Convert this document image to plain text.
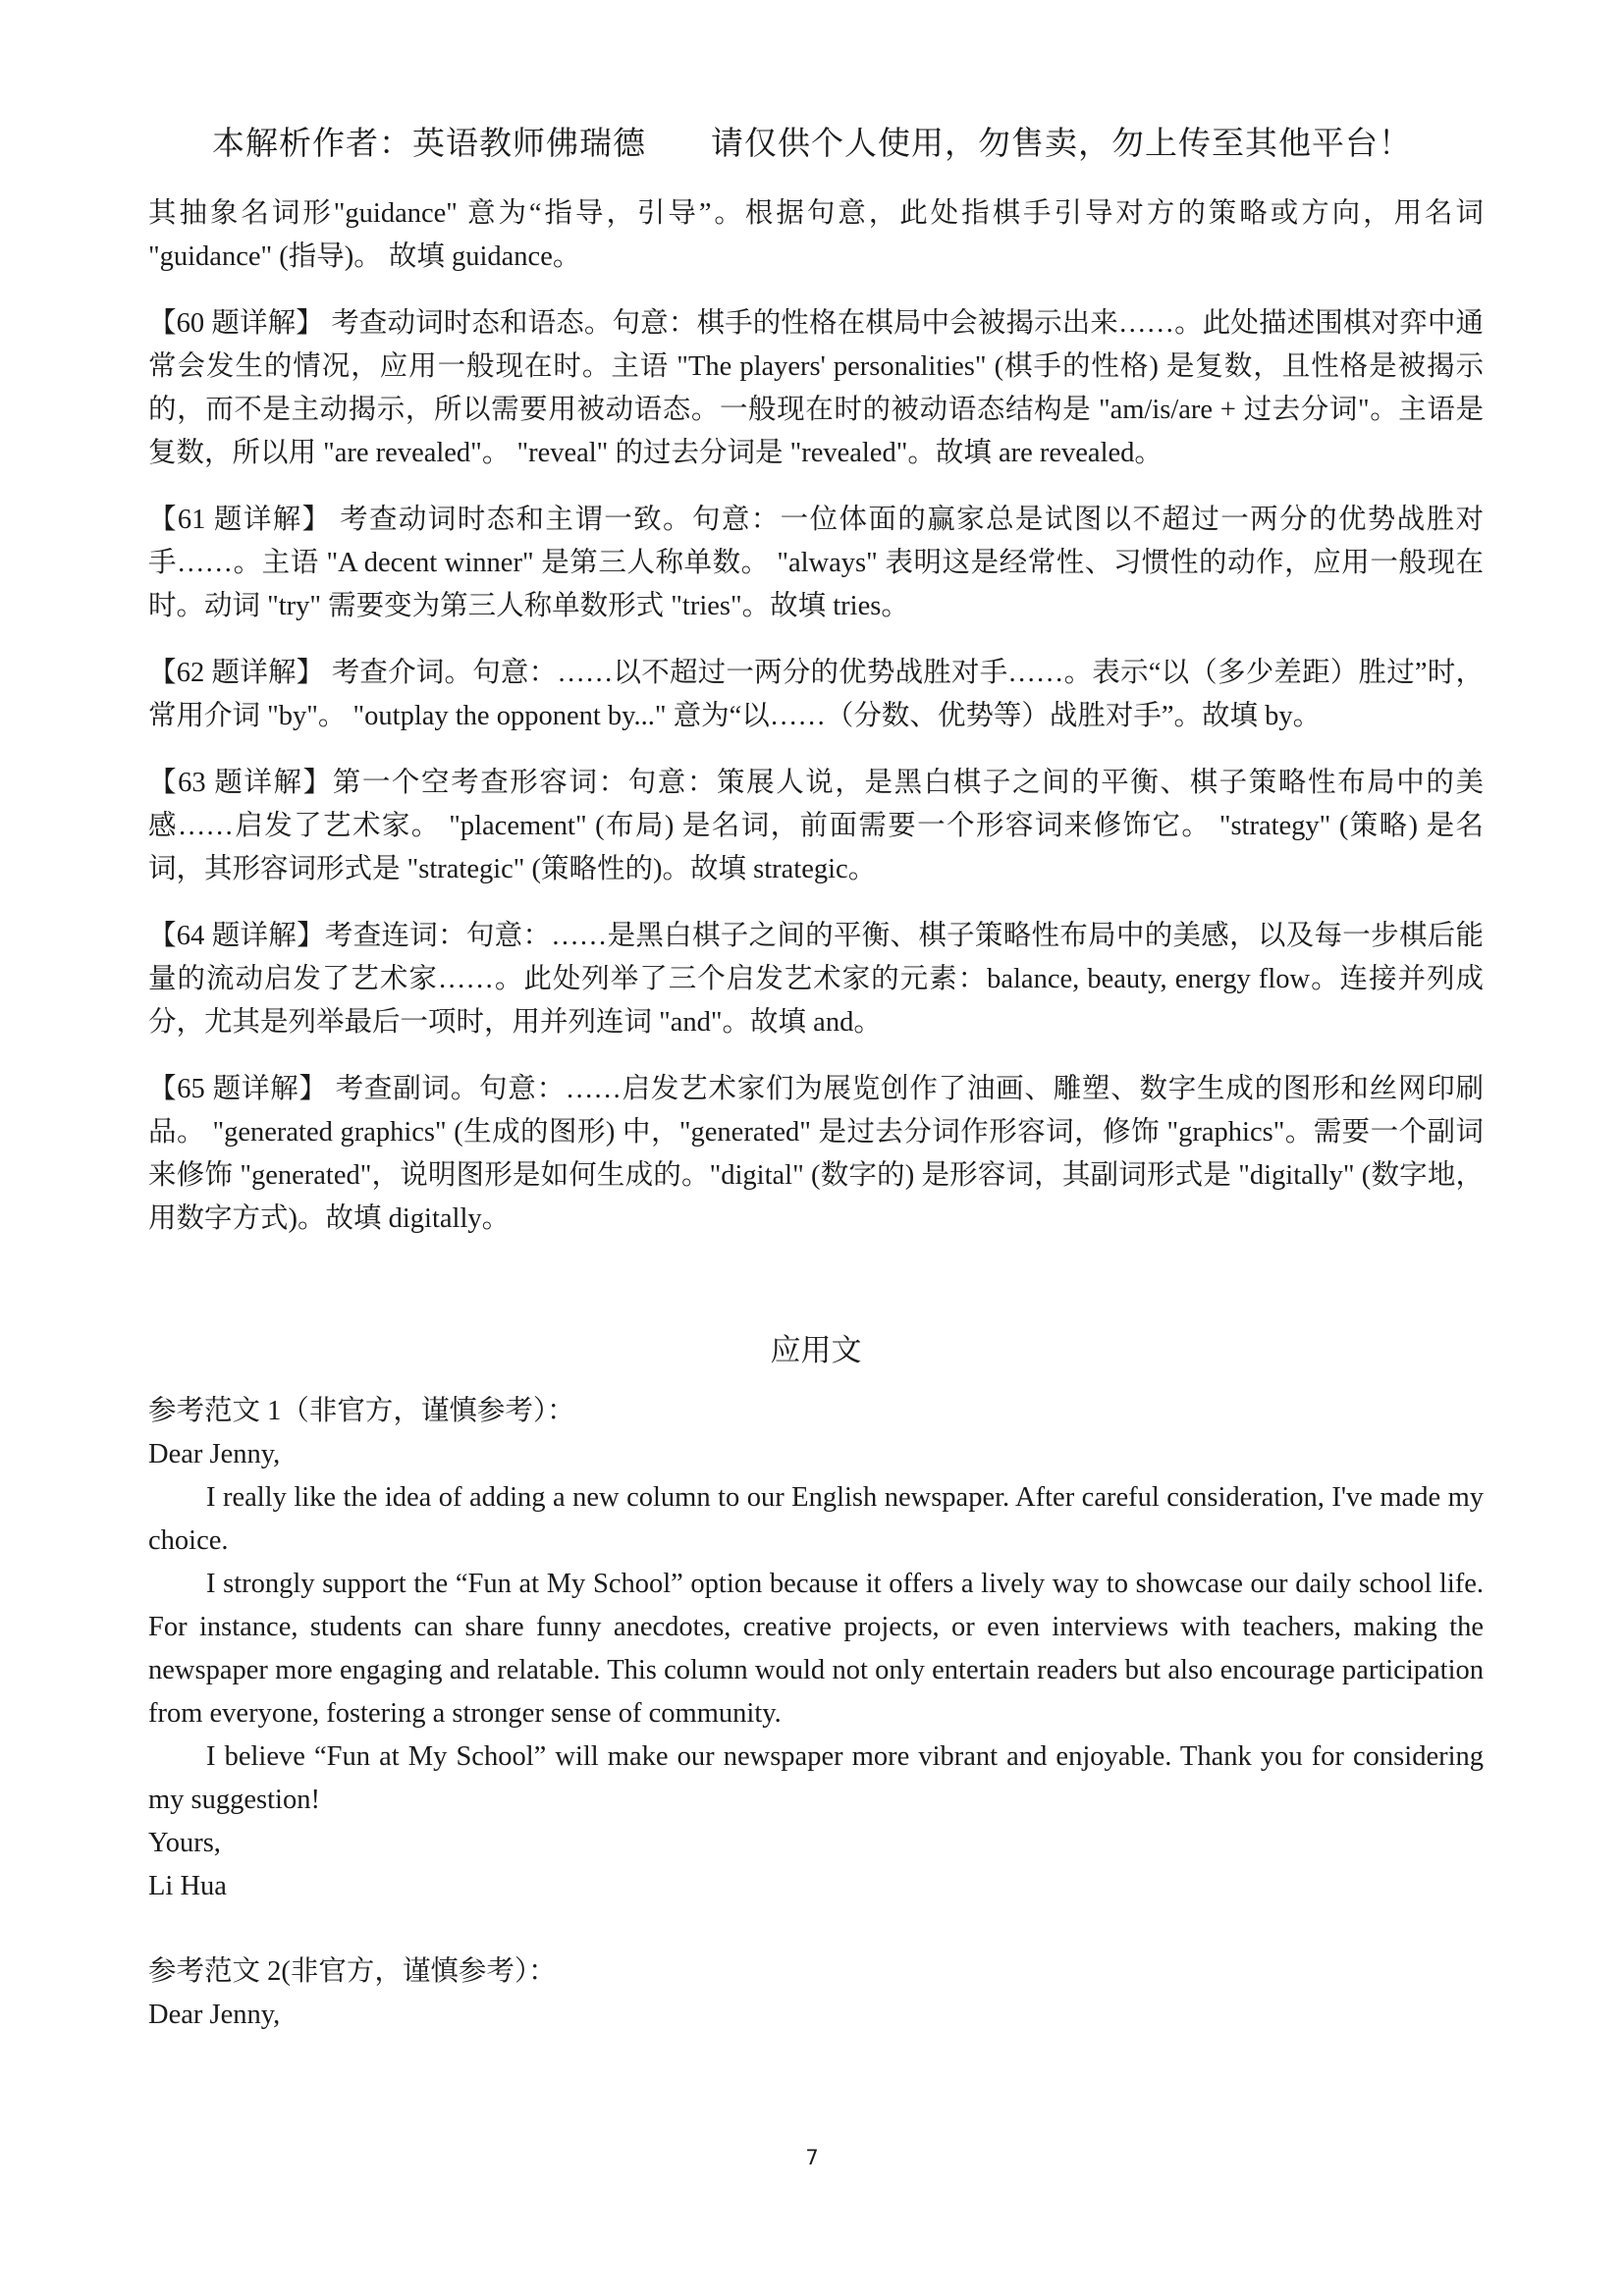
本解析作者：英语教师佛瑞德 请仅供个人使用，勿售卖，勿上传至其他平台！

其抽象名词形"guidance" 意为“指导，引导”。根据句意，此处指棋手引导对方的策略或方向，用名词 "guidance" (指导)。 故填 guidance。

【60 题详解】 考查动词时态和语态。句意：棋手的性格在棋局中会被揭示出来……。此处描述围棋对弈中通常会发生的情况，应用一般现在时。主语 "The players' personalities" (棋手的性格) 是复数，且性格是被揭示的，而不是主动揭示，所以需要用被动语态。一般现在时的被动语态结构是 "am/is/are + 过去分词"。主语是复数，所以用 "are revealed"。 "reveal" 的过去分词是 "revealed"。故填 are revealed。

【61 题详解】 考查动词时态和主谓一致。句意：一位体面的赢家总是试图以不超过一两分的优势战胜对手……。主语 "A decent winner" 是第三人称单数。 "always" 表明这是经常性、习惯性的动作，应用一般现在时。动词 "try" 需要变为第三人称单数形式 "tries"。故填 tries。

【62 题详解】 考查介词。句意：……以不超过一两分的优势战胜对手……。表示“以（多少差距）胜过”时，常用介词 "by"。 "outplay the opponent by..." 意为“以……（分数、优势等）战胜对手”。故填 by。

【63 题详解】第一个空考查形容词：句意：策展人说，是黑白棋子之间的平衡、棋子策略性布局中的美感……启发了艺术家。 "placement" (布局) 是名词，前面需要一个形容词来修饰它。 "strategy" (策略) 是名词，其形容词形式是 "strategic" (策略性的)。故填 strategic。

【64 题详解】考查连词：句意：……是黑白棋子之间的平衡、棋子策略性布局中的美感，以及每一步棋后能量的流动启发了艺术家……。此处列举了三个启发艺术家的元素：balance, beauty, energy flow。连接并列成分，尤其是列举最后一项时，用并列连词 "and"。故填 and。

【65 题详解】 考查副词。句意：……启发艺术家们为展览创作了油画、雕塑、数字生成的图形和丝网印刷品。 "generated graphics" (生成的图形) 中，"generated" 是过去分词作形容词，修饰 "graphics"。需要一个副词来修饰 "generated"，说明图形是如何生成的。"digital" (数字的) 是形容词，其副词形式是 "digitally" (数字地，用数字方式)。故填 digitally。

应用文

参考范文 1（非官方，谨慎参考）：

Dear Jenny,

I really like the idea of adding a new column to our English newspaper. After careful consideration, I've made my choice.

I strongly support the “Fun at My School” option because it offers a lively way to showcase our daily school life. For instance, students can share funny anecdotes, creative projects, or even interviews with teachers, making the newspaper more engaging and relatable. This column would not only entertain readers but also encourage participation from everyone, fostering a stronger sense of community.

I believe “Fun at My School” will make our newspaper more vibrant and enjoyable. Thank you for considering my suggestion!

Yours,

Li Hua

参考范文 2(非官方，谨慎参考）：

Dear Jenny,

7
